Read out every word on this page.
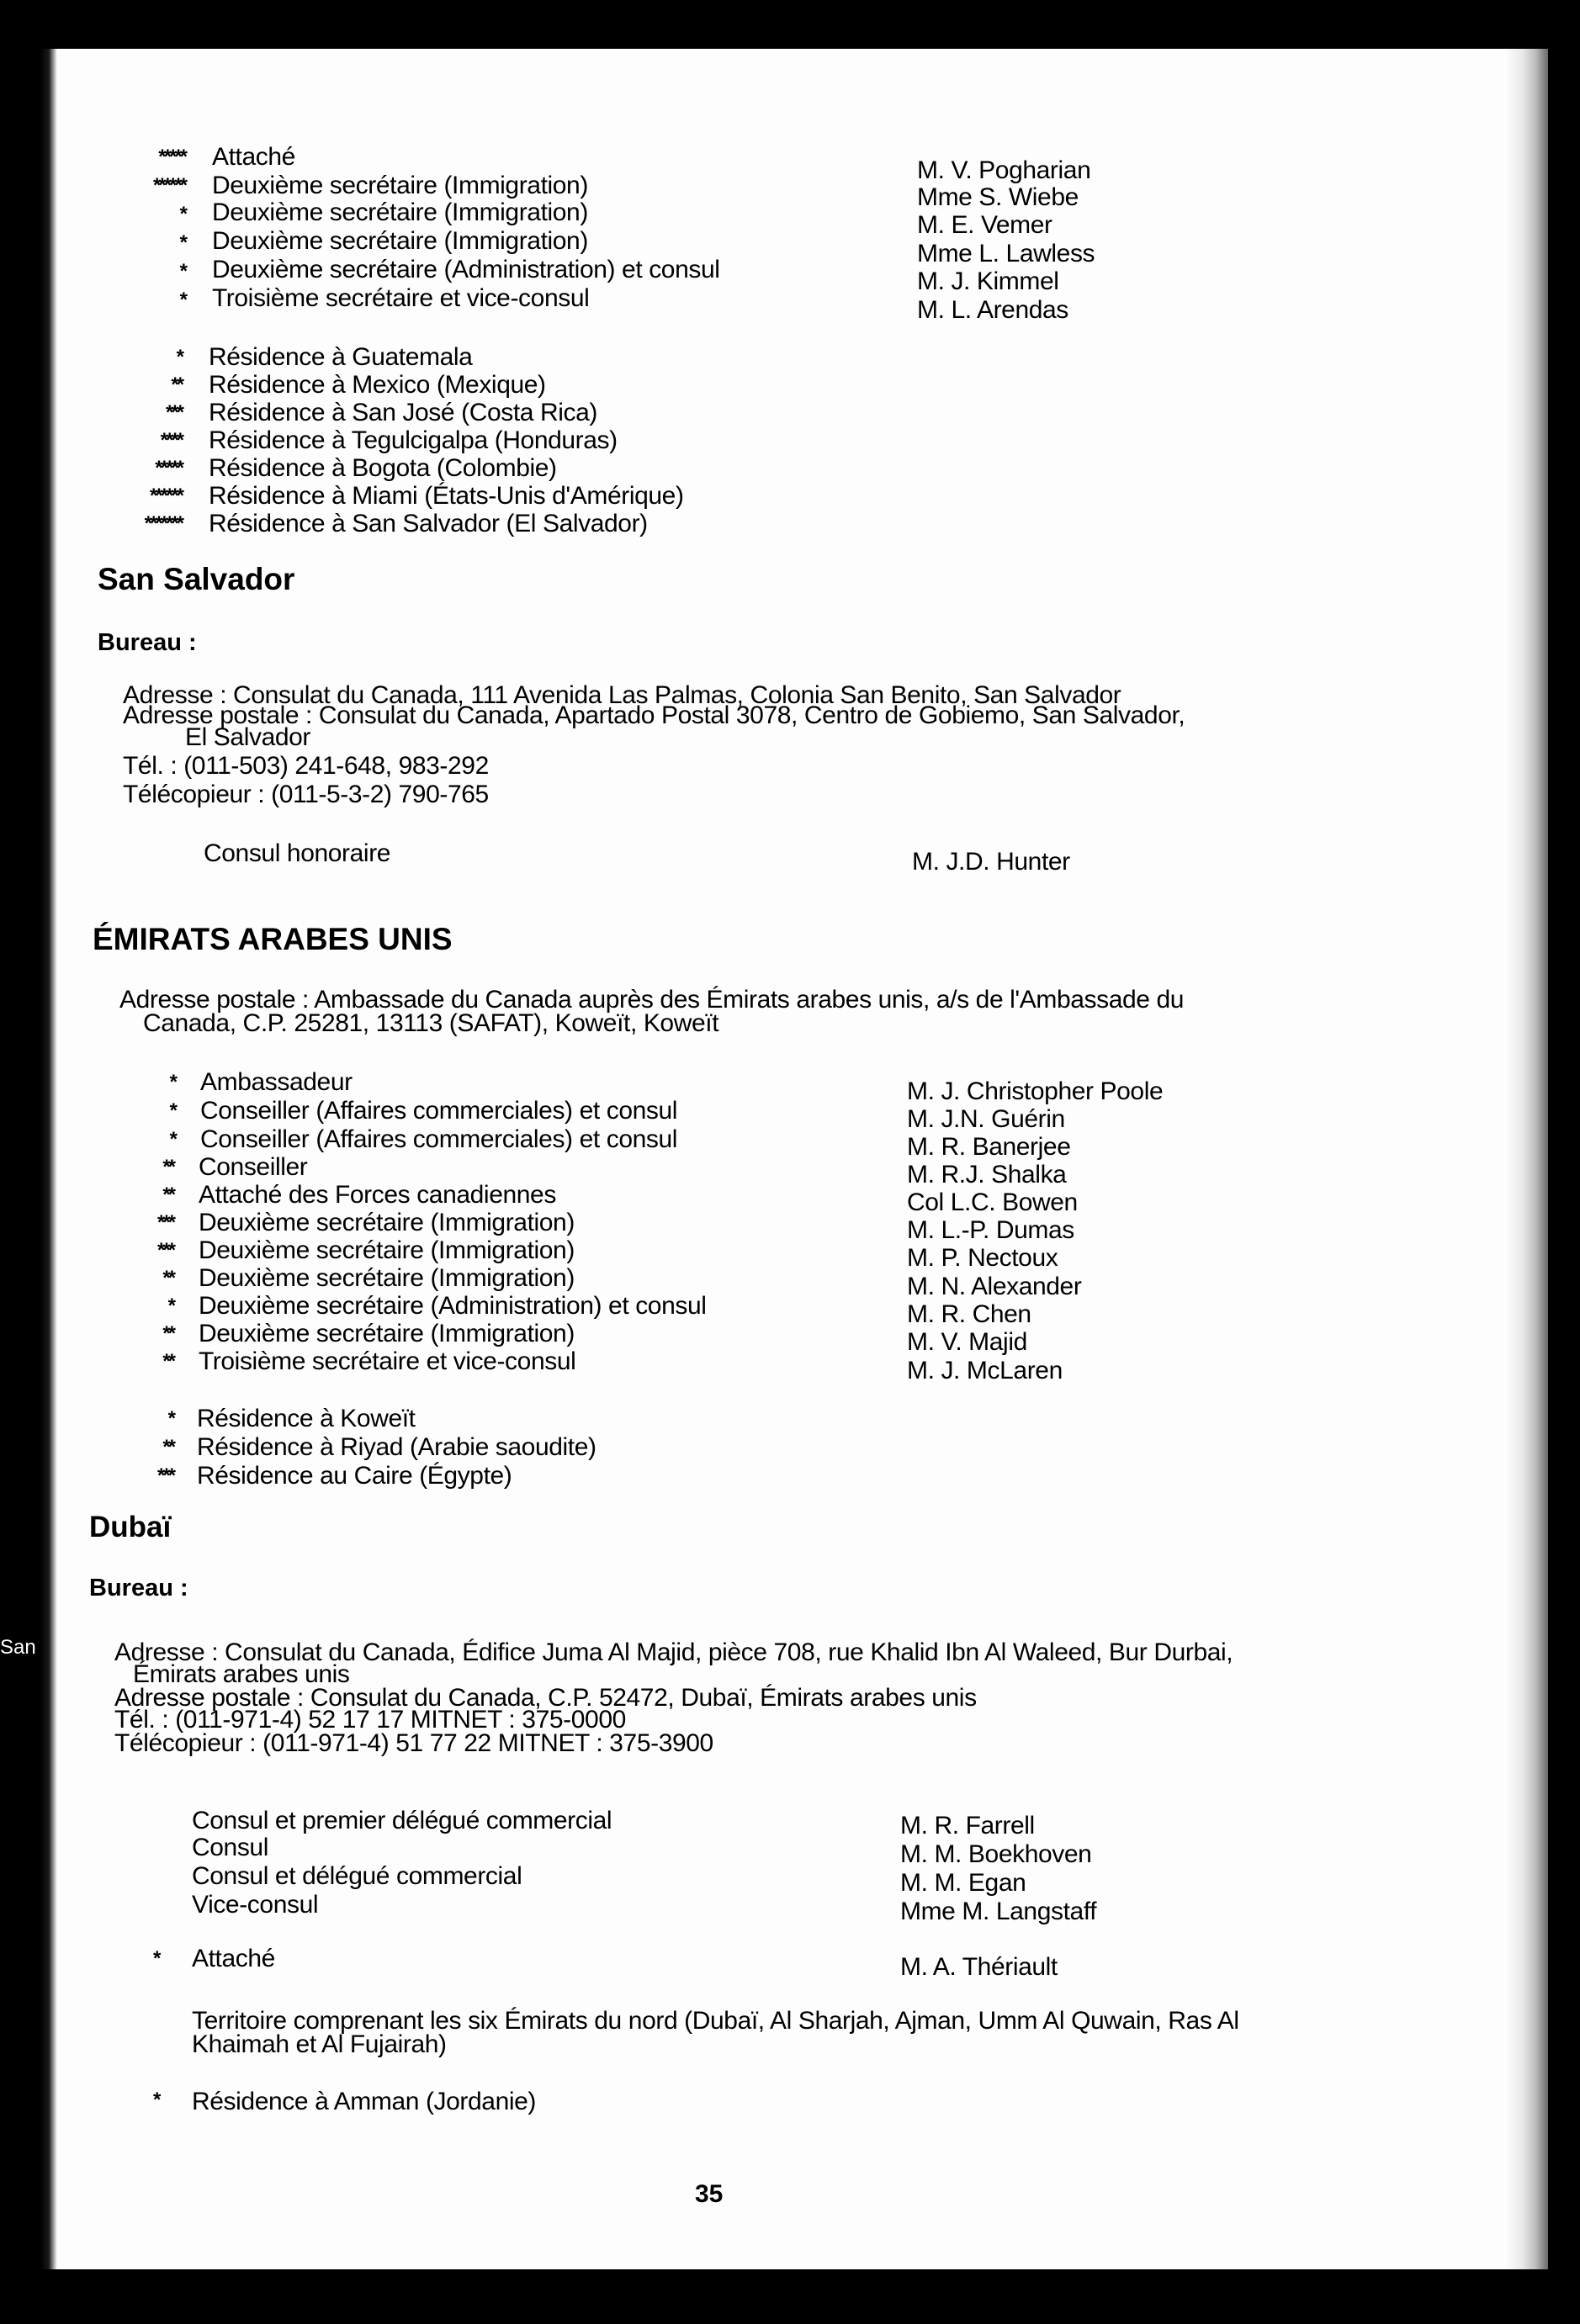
San
***** Attaché	M. V. Pogharian
****** Deuxième secrétaire (Immigration)	Mme S. Wiebe
* Deuxième secrétaire (Immigration)	M. E. Vemer
* Deuxième secrétaire (Immigration)	Mme L. Lawless
* Deuxième secrétaire (Administration) et consul	M. J. Kimmel
* Troisième secrétaire et vice-consul	M. L. Arendas
* Résidence à Guatemala
** Résidence à Mexico (Mexique)
*** Résidence à San José (Costa Rica)
**** Résidence à Tegulcigalpa (Honduras)
***** Résidence à Bogota (Colombie)
****** Résidence à Miami (États-Unis d'Amérique)
******* Résidence à San Salvador (El Salvador)
San Salvador
Bureau :
Adresse : Consulat du Canada, 111 Avenida Las Palmas, Colonia San Benito, San Salvador
Adresse postale : Consulat du Canada, Apartado Postal 3078, Centro de Gobiemo, San Salvador,
El Salvador
Tél. : (011-503) 241-648, 983-292
Télécopieur : (011-5-3-2) 790-765
Consul honoraire	M. J.D. Hunter
ÉMIRATS ARABES UNIS
Adresse postale : Ambassade du Canada auprès des Émirats arabes unis, a/s de l'Ambassade du
Canada, C.P. 25281, 13113 (SAFAT), Koweït, Koweït
* Ambassadeur	M. J. Christopher Poole
* Conseiller (Affaires commerciales) et consul	M. J.N. Guérin
* Conseiller (Affaires commerciales) et consul	M. R. Banerjee
** Conseiller	M. R.J. Shalka
** Attaché des Forces canadiennes	Col L.C. Bowen
*** Deuxième secrétaire (Immigration)	M. L.-P. Dumas
*** Deuxième secrétaire (Immigration)	M. P. Nectoux
** Deuxième secrétaire (Immigration)	M. N. Alexander
* Deuxième secrétaire (Administration) et consul	M. R. Chen
** Deuxième secrétaire (Immigration)	M. V. Majid
** Troisième secrétaire et vice-consul	M. J. McLaren
* Résidence à Koweït
** Résidence à Riyad (Arabie saoudite)
*** Résidence au Caire (Égypte)
Dubaï
Bureau :
Adresse : Consulat du Canada, Édifice Juma Al Majid, pièce 708, rue Khalid Ibn Al Waleed, Bur Durbai,
Émirats arabes unis
Adresse postale : Consulat du Canada, C.P. 52472, Dubaï, Émirats arabes unis
Tél. : (011-971-4) 52 17 17 MITNET : 375-0000
Télécopieur : (011-971-4) 51 77 22 MITNET : 375-3900
Consul et premier délégué commercial	M. R. Farrell
Consul	M. M. Boekhoven
Consul et délégué commercial	M. M. Egan
Vice-consul	Mme M. Langstaff
*	Attaché	M. A. Thériault
Territoire comprenant les six Émirats du nord (Dubaï, Al Sharjah, Ajman, Umm Al Quwain, Ras Al
Khaimah et Al Fujairah)
*	Résidence à Amman (Jordanie)
35
